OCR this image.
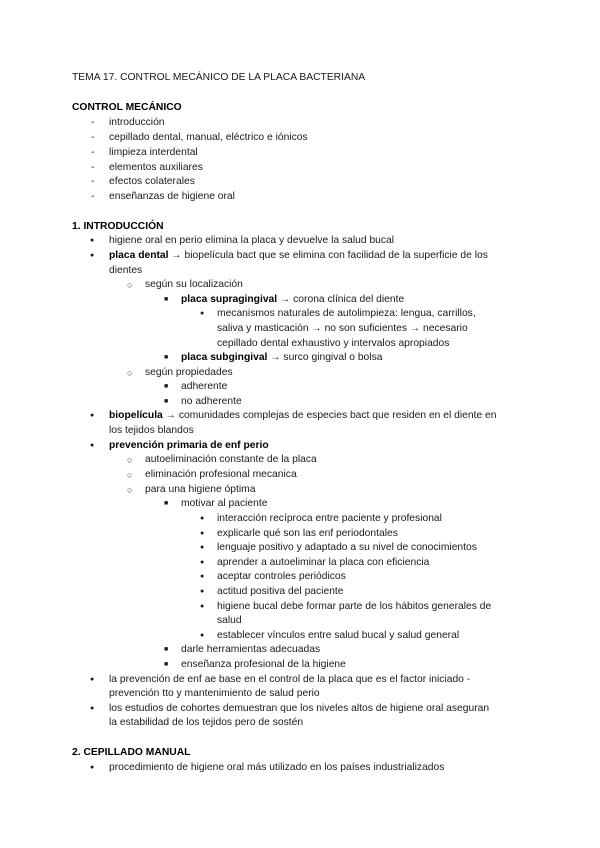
TEMA 17. CONTROL MECÁNICO DE LA PLACA BACTERIANA
CONTROL MECÁNICO
-	introducción
-	cepillado dental, manual, eléctrico e iónicos
-	limpieza interdental
-	elementos auxiliares
-	efectos colaterales
-	enseñanzas de higiene oral
1. INTRODUCCIÓN
●
higiene oral en perio elimina la placa y devuelve la salud bucal
●
placa dental → biopelícula bact que se elimina con facilidad de la superficie de los
dientes
○
según su localización
■
placa supragingival → corona clínica del diente
●
mecanismos naturales de autolimpieza: lengua, carrillos,
saliva y masticación → no son suficientes → necesario
cepillado dental exhaustivo y intervalos apropiados
■
placa subgingival → surco gingival o bolsa
○
según propiedades
■
adherente
■
no adherente
●
biopelícula → comunidades complejas de especies bact que residen en el diente en
los tejidos blandos
●
prevención primaria de enf perio
○
autoeliminación constante de la placa
○
eliminación profesional mecanica
○
para una higiene óptima
■
motivar al paciente
●
interacción recíproca entre paciente y profesional
●
explicarle qué son las enf periodontales
●
lenguaje positivo y adaptado a su nivel de conocimientos
●
aprender a autoeliminar la placa con eficiencia
●
aceptar controles periódicos
●
actitud positiva del paciente
●
higiene bucal debe formar parte de los hábitos generales de
salud
●
establecer vínculos entre salud bucal y salud general
■
darle herramientas adecuadas
■
enseñanza profesional de la higiene
●
la prevención de enf ae base en el control de la placa que es el factor iniciado -
prevención tto y mantenimiento de salud perio
●
los estudios de cohortes demuestran que los niveles altos de higiene oral aseguran
la estabilidad de los tejidos pero de sostén
2. CEPILLADO MANUAL
●
procedimiento de higiene oral más utilizado en los países industrializados
